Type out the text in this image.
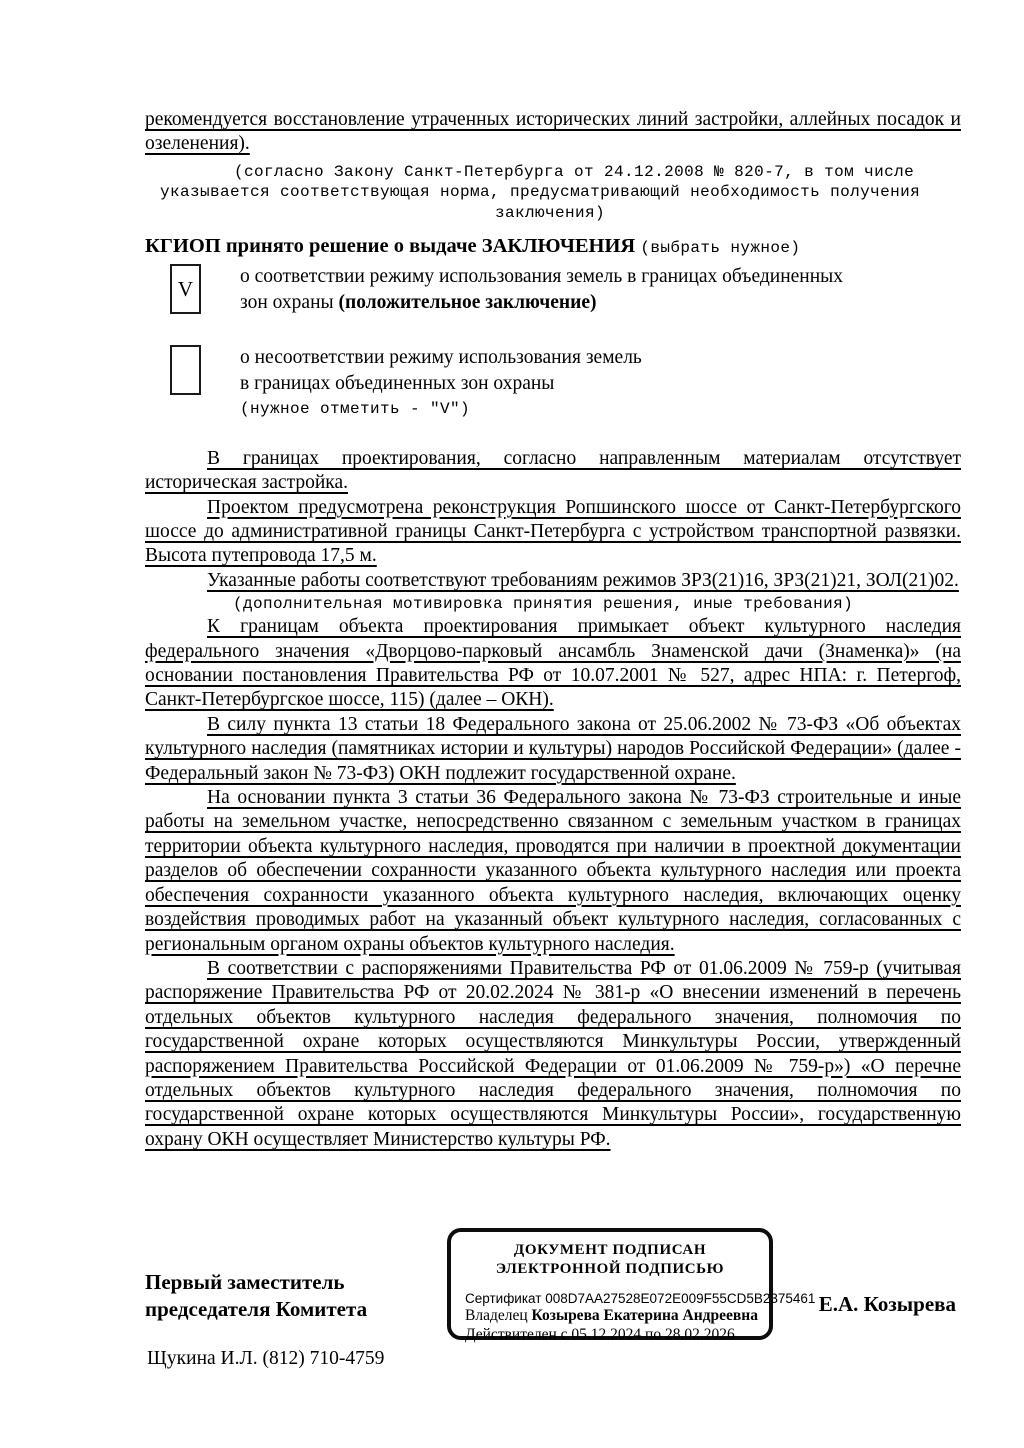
рекомендуется восстановление утраченных исторических линий застройки, аллейных посадок и озеленения).

(согласно Закону Санкт-Петербурга от 24.12.2008 № 820-7, в том числе
указывается соответствующая норма, предусматривающий необходимость получения
заключения)
КГИОП принято решение о выдаче ЗАКЛЮЧЕНИЯ (выбрать нужное)
V о соответствии режиму использования земель в границах объединенных
зон охраны (положительное заключение)
о несоответствии режиму использования земель
в границах объединенных зон охраны
(нужное отметить - "V")

В границах проектирования, согласно направленным материалам отсутствует историческая застройка.

Проектом предусмотрена реконструкция Ропшинского шоссе от Санкт-Петербургского шоссе до административной границы Санкт-Петербурга с устройством транспортной развязки. Высота путепровода 17,5 м.

Указанные работы соответствуют требованиям режимов ЗРЗ(21)16, ЗРЗ(21)21, ЗОЛ(21)02.

(дополнительная мотивировка принятия решения, иные требования)

К границам объекта проектирования примыкает объект культурного наследия федерального значения «Дворцово-парковый ансамбль Знаменской дачи (Знаменка)» (на основании постановления Правительства РФ от 10.07.2001 № 527, адрес НПА: г. Петергоф, Санкт-Петербургское шоссе, 115) (далее – ОКН).

В силу пункта 13 статьи 18 Федерального закона от 25.06.2002 № 73-ФЗ «Об объектах культурного наследия (памятниках истории и культуры) народов Российской Федерации» (далее - Федеральный закон № 73-ФЗ) ОКН подлежит государственной охране.

На основании пункта 3 статьи 36 Федерального закона № 73-ФЗ строительные и иные работы на земельном участке, непосредственно связанном с земельным участком в границах территории объекта культурного наследия, проводятся при наличии в проектной документации разделов об обеспечении сохранности указанного объекта культурного наследия или проекта обеспечения сохранности указанного объекта культурного наследия, включающих оценку воздействия проводимых работ на указанный объект культурного наследия, согласованных с региональным органом охраны объектов культурного наследия.

В соответствии с распоряжениями Правительства РФ от 01.06.2009 № 759-р (учитывая распоряжение Правительства РФ от 20.02.2024 № 381-р «О внесении изменений в перечень отдельных объектов культурного наследия федерального значения, полномочия по государственной охране которых осуществляются Минкультуры России, утвержденный распоряжением Правительства Российской Федерации от 01.06.2009 № 759-р») «О перечне отдельных объектов культурного наследия федерального значения, полномочия по государственной охране которых осуществляются Минкультуры России», государственную охрану ОКН осуществляет Министерство культуры РФ.

Первый заместитель
председателя Комитета
ДОКУМЕНТ ПОДПИСАН
ЭЛЕКТРОННОЙ ПОДПИСЬЮ
Сертификат 008D7AA27528E072E009F55CD5B2375461
Владелец Козырева Екатерина Андреевна
Действителен с 05.12.2024 по 28.02.2026
Е.А. Козырева
Щукина И.Л. (812) 710-4759
